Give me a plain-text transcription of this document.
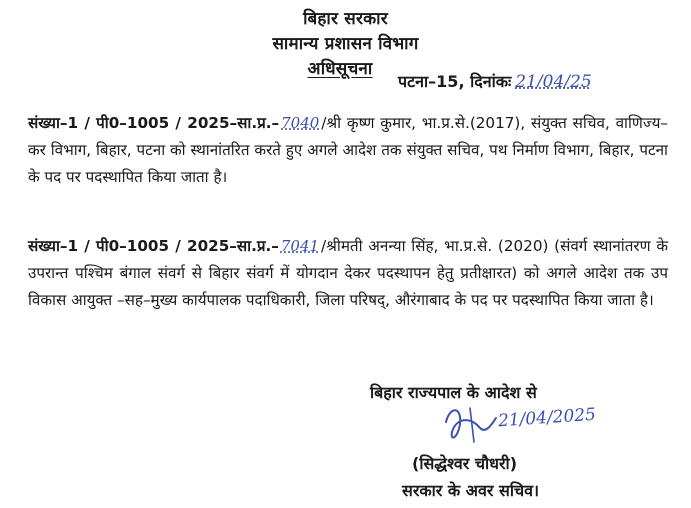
बिहार सरकार
सामान्य प्रशासन विभाग
अधिसूचना
पटना–15, दिनांकः 21/04/25
संख्या–1 / पी0–1005 / 2025–सा.प्र.– 7040 /श्री कृष्ण कुमार, भा.प्र.से.(2017), संयुक्त सचिव, वाणिज्य–कर विभाग, बिहार, पटना को स्थानांतरित करते हुए अगले आदेश तक संयुक्त सचिव, पथ निर्माण विभाग, बिहार, पटना के पद पर पदस्थापित किया जाता है।
संख्या–1 / पी0–1005 / 2025–सा.प्र.– 7041 /श्रीमती अनन्या सिंह, भा.प्र.से. (2020) (संवर्ग स्थानांतरण के उपरान्त पश्चिम बंगाल संवर्ग से बिहार संवर्ग में योगदान देकर पदस्थापन हेतु प्रतीक्षारत) को अगले आदेश तक उप विकास आयुक्त –सह–मुख्य कार्यपालक पदाधिकारी, जिला परिषद्, औरंगाबाद के पद पर पदस्थापित किया जाता है।
बिहार राज्यपाल के आदेश से
21/04/2025
(सिद्धेश्वर चौधरी)
सरकार के अवर सचिव।
